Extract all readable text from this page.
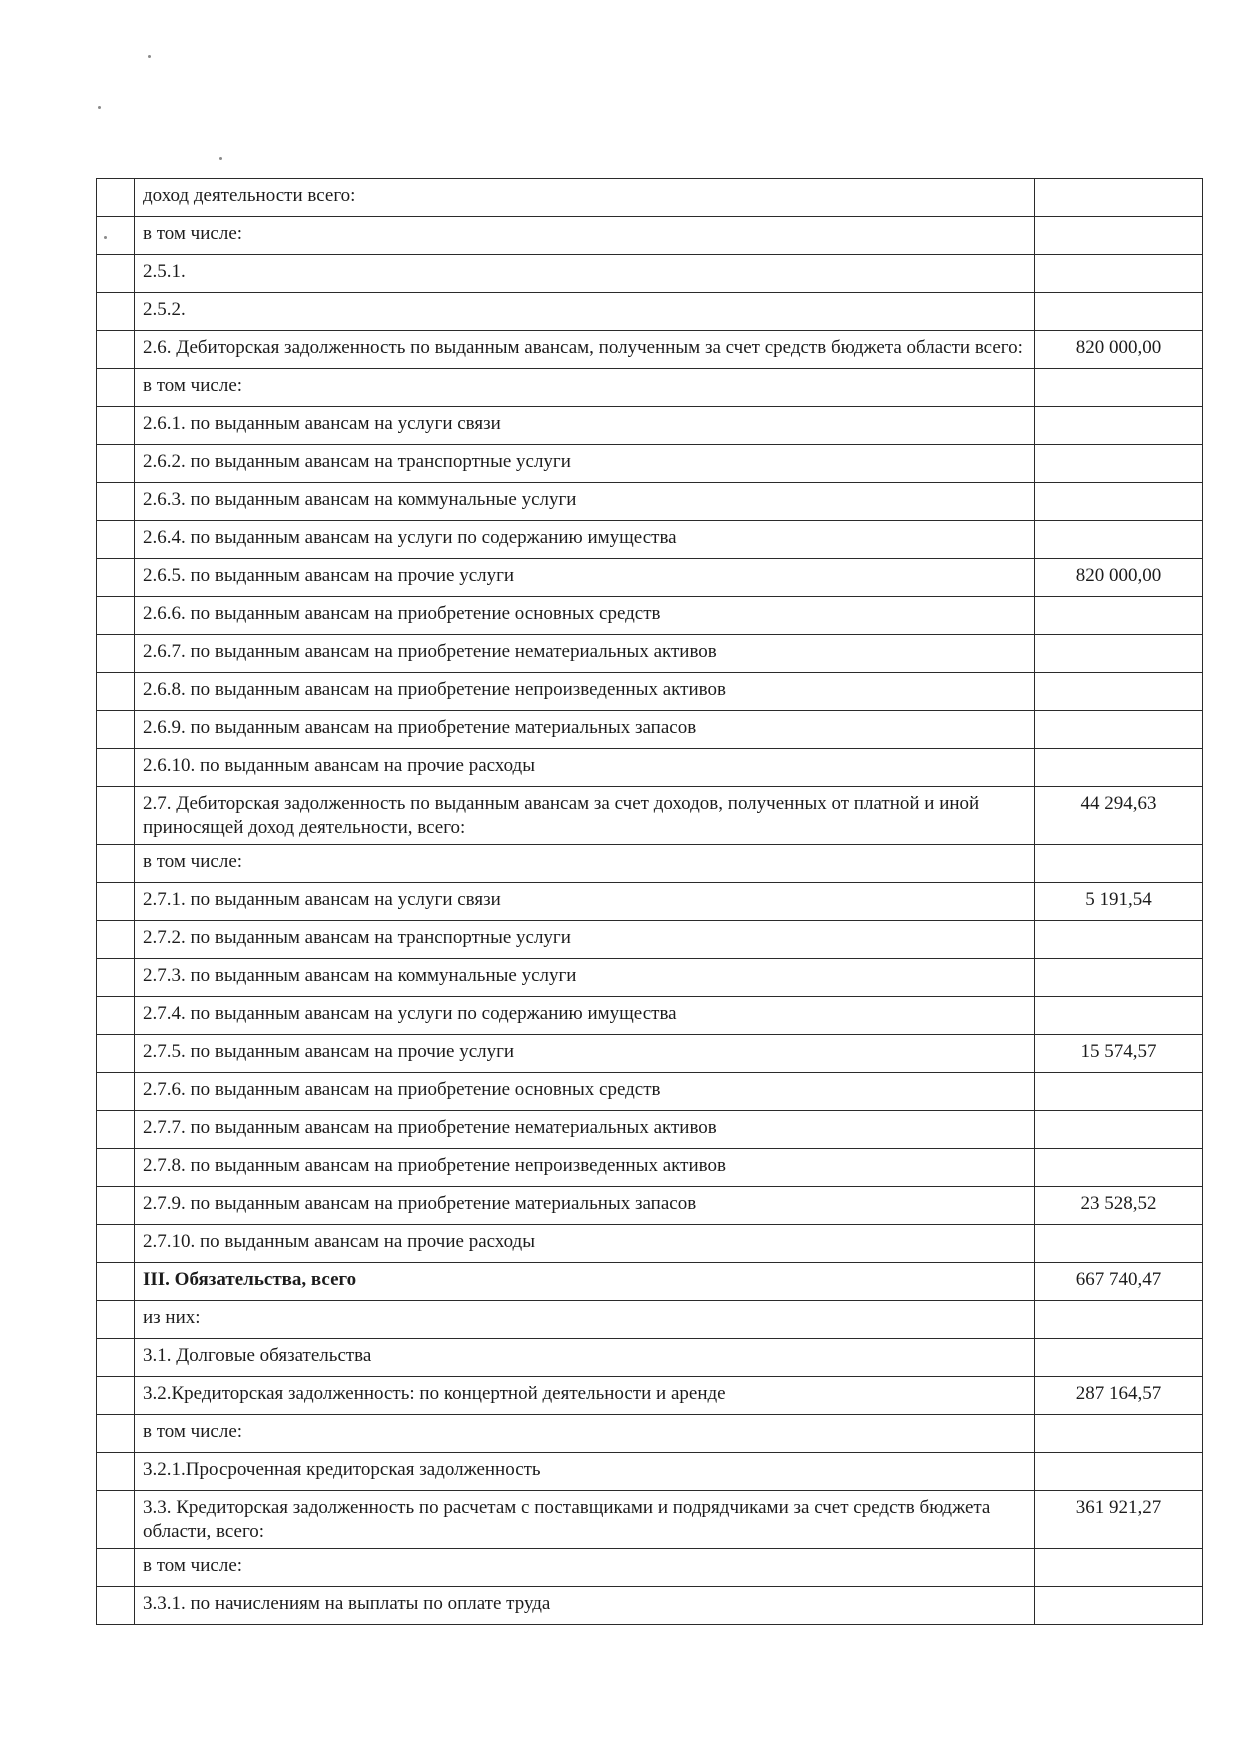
	доход деятельности всего:	
	в том числе:	
	2.5.1.	
	2.5.2.	
	2.6. Дебиторская задолженность по выданным авансам, полученным за счет средств бюджета области всего:	820 000,00
	в том числе:	
	2.6.1. по выданным авансам на услуги связи	
	2.6.2. по выданным авансам на транспортные услуги	
	2.6.3. по выданным авансам на коммунальные услуги	
	2.6.4. по выданным авансам на услуги по содержанию имущества	
	2.6.5. по выданным авансам на прочие услуги	820 000,00
	2.6.6. по выданным авансам на приобретение основных средств	
	2.6.7. по выданным авансам на приобретение нематериальных активов	
	2.6.8. по выданным авансам на приобретение непроизведенных активов	
	2.6.9. по выданным авансам на приобретение материальных запасов	
	2.6.10. по выданным авансам на прочие расходы	
	2.7. Дебиторская задолженность по выданным авансам за счет доходов, полученных от платной и иной приносящей доход деятельности, всего:	44 294,63
	в том числе:	
	2.7.1. по выданным авансам на услуги связи	5 191,54
	2.7.2. по выданным авансам на транспортные услуги	
	2.7.3. по выданным авансам на коммунальные услуги	
	2.7.4. по выданным авансам на услуги по содержанию имущества	
	2.7.5. по выданным авансам на прочие услуги	15 574,57
	2.7.6. по выданным авансам на приобретение основных средств	
	2.7.7. по выданным авансам на приобретение нематериальных активов	
	2.7.8. по выданным авансам на приобретение непроизведенных активов	
	2.7.9. по выданным авансам на приобретение материальных запасов	23 528,52
	2.7.10. по выданным авансам на прочие расходы	
	III. Обязательства, всего	667 740,47
	из них:	
	3.1. Долговые обязательства	
	3.2.Кредиторская задолженность: по концертной деятельности и аренде	287 164,57
	в том числе:	
	3.2.1.Просроченная кредиторская задолженность	
	3.3. Кредиторская задолженность по расчетам с поставщиками и подрядчиками за счет средств бюджета области, всего:	361 921,27
	в том числе:	
	3.3.1. по начислениям на выплаты по оплате труда	
